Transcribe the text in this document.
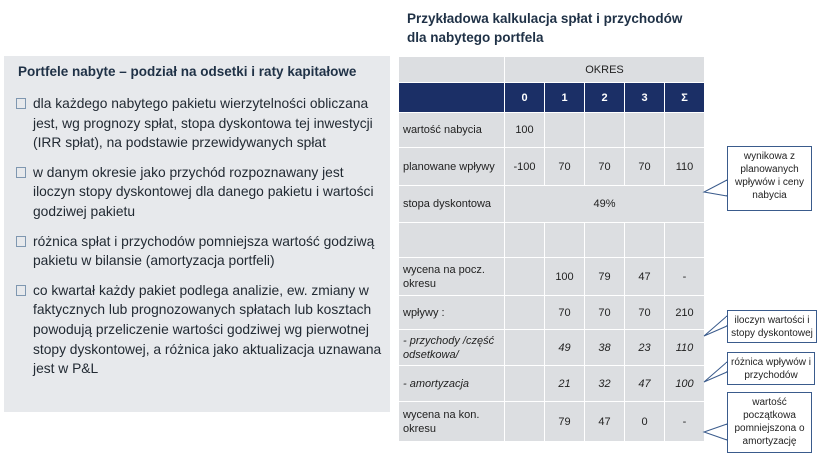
Portfele nabyte – podział na odsetki i raty kapitałowe
dla każdego nabytego pakietu wierzytelności obliczana jest, wg prognozy spłat, stopa dyskontowa tej inwestycji (IRR spłat), na podstawie przewidywanych spłat
w danym okresie jako przychód rozpoznawany jest iloczyn stopy dyskontowej dla danego pakietu i wartości godziwej pakietu
różnica spłat i przychodów pomniejsza wartość godziwą pakietu w bilansie (amortyzacja portfeli)
co kwartał każdy pakiet podlega analizie, ew. zmiany w faktycznych lub prognozowanych spłatach lub kosztach powodują przeliczenie wartości godziwej wg pierwotnej stopy dyskontowej, a różnica jako aktualizacja uznawana jest w P&L
Przykładowa kalkulacja spłat i przychodów
dla nabytego portfela
	OKRES				
	0	1	2	3	Σ
wartość nabycia	100				
planowane wpływy	-100	70	70	70	110
stopa dyskontowa	49%				

wycena na pocz. okresu		100	79	47	-
wpływy :		70	70	70	210
- przychody /część odsetkowa/		49	38	23	110
- amortyzacja		21	32	47	100
wycena na kon. okresu		79	47	0	-
wynikowa z planowanych wpływów i ceny nabycia
iloczyn wartości i stopy dyskontowej
różnica wpływów i przychodów
wartość początkowa pomniejszona o amortyzację
